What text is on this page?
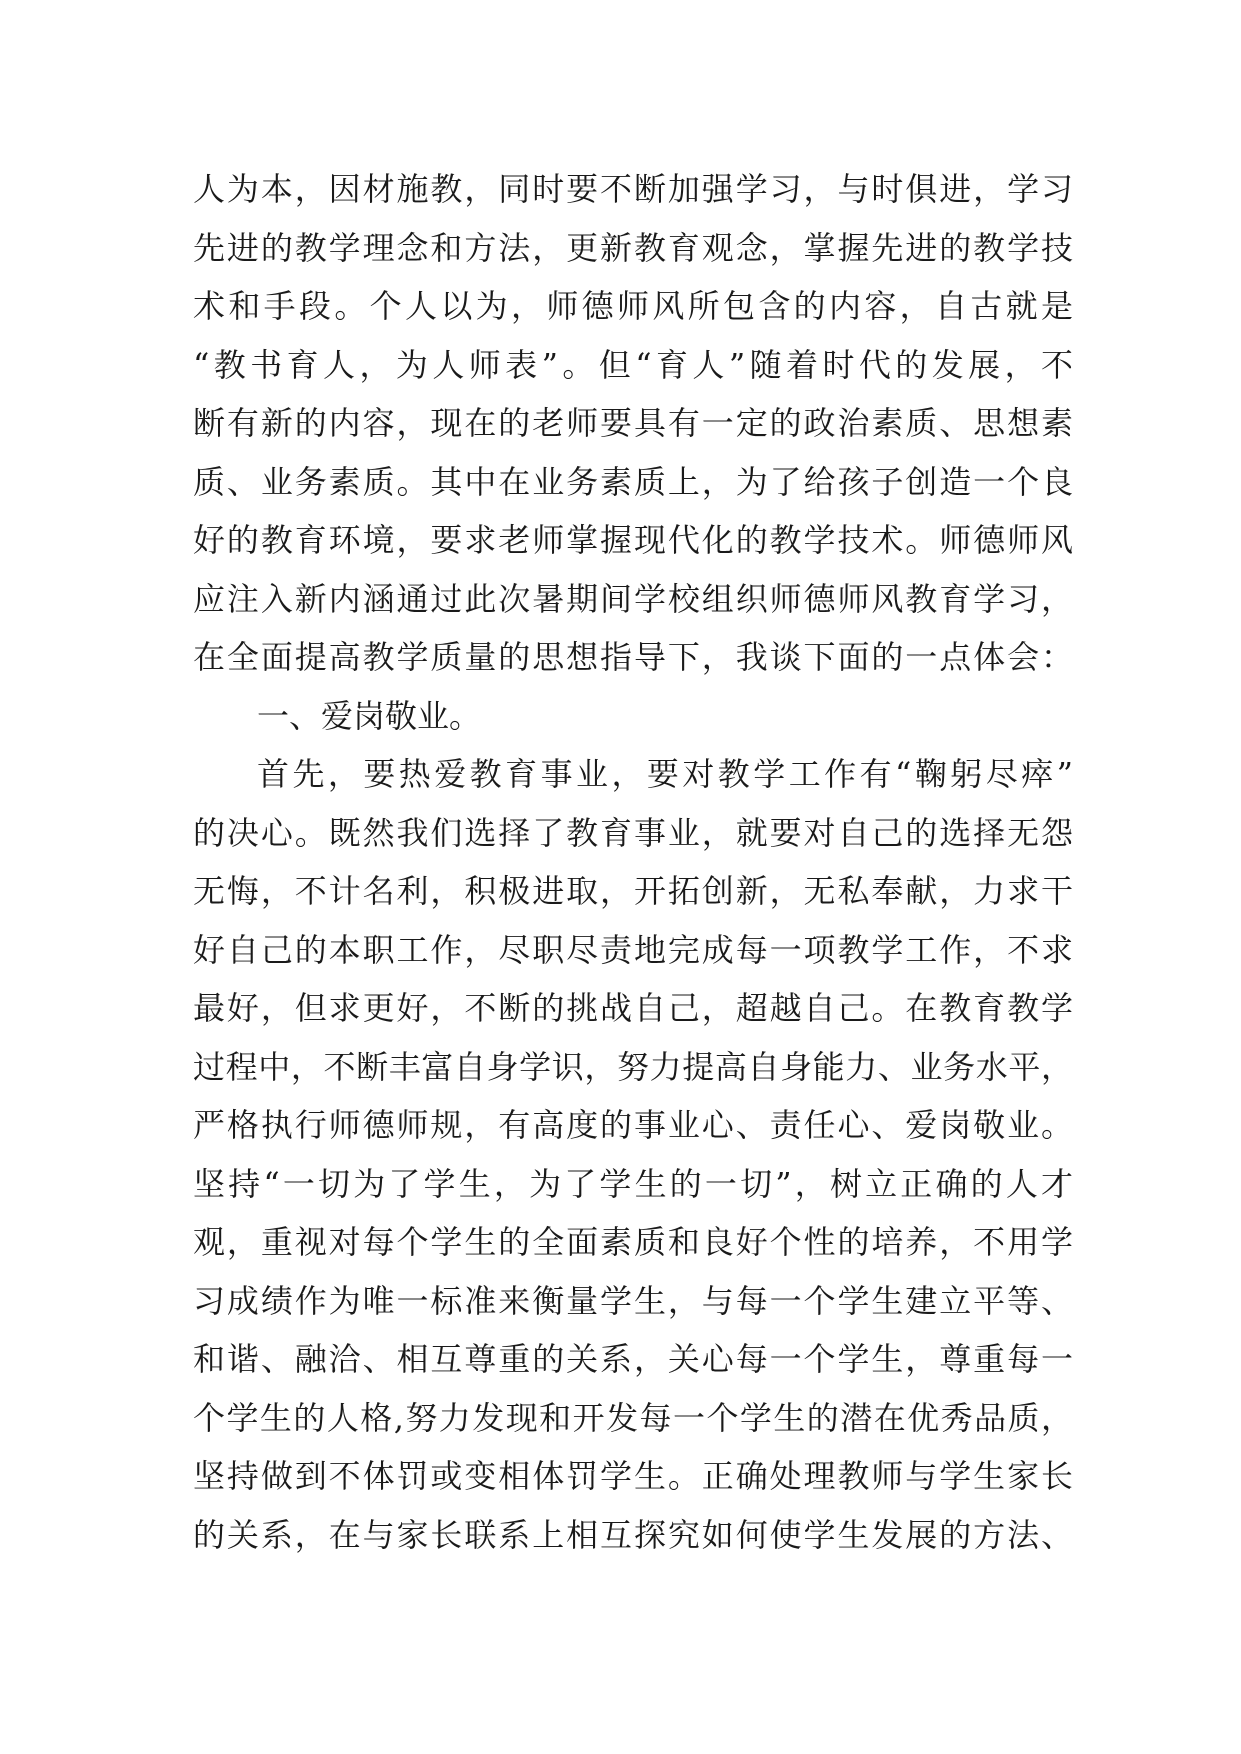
人为本，因材施教，同时要不断加强学习，与时俱进，学习
先进的教学理念和方法，更新教育观念，掌握先进的教学技
术和手段。个人以为，师德师风所包含的内容，自古就是
“教书育人，为人师表”。但“育人”随着时代的发展，不
断有新的内容，现在的老师要具有一定的政治素质、思想素
质、业务素质。其中在业务素质上，为了给孩子创造一个良
好的教育环境，要求老师掌握现代化的教学技术。师德师风
应注入新内涵通过此次暑期间学校组织师德师风教育学习，
在全面提高教学质量的思想指导下，我谈下面的一点体会：
一、爱岗敬业。
首先，要热爱教育事业，要对教学工作有“鞠躬尽瘁”
的决心。既然我们选择了教育事业，就要对自己的选择无怨
无悔，不计名利，积极进取，开拓创新，无私奉献，力求干
好自己的本职工作，尽职尽责地完成每一项教学工作，不求
最好，但求更好，不断的挑战自己，超越自己。在教育教学
过程中，不断丰富自身学识，努力提高自身能力、业务水平，
严格执行师德师规，有高度的事业心、责任心、爱岗敬业。
坚持“一切为了学生，为了学生的一切”，树立正确的人才
观，重视对每个学生的全面素质和良好个性的培养，不用学
习成绩作为唯一标准来衡量学生，与每一个学生建立平等、
和谐、融洽、相互尊重的关系，关心每一个学生，尊重每一
个学生的人格,努力发现和开发每一个学生的潜在优秀品质，
坚持做到不体罚或变相体罚学生。正确处理教师与学生家长
的关系，在与家长联系上相互探究如何使学生发展的方法、
